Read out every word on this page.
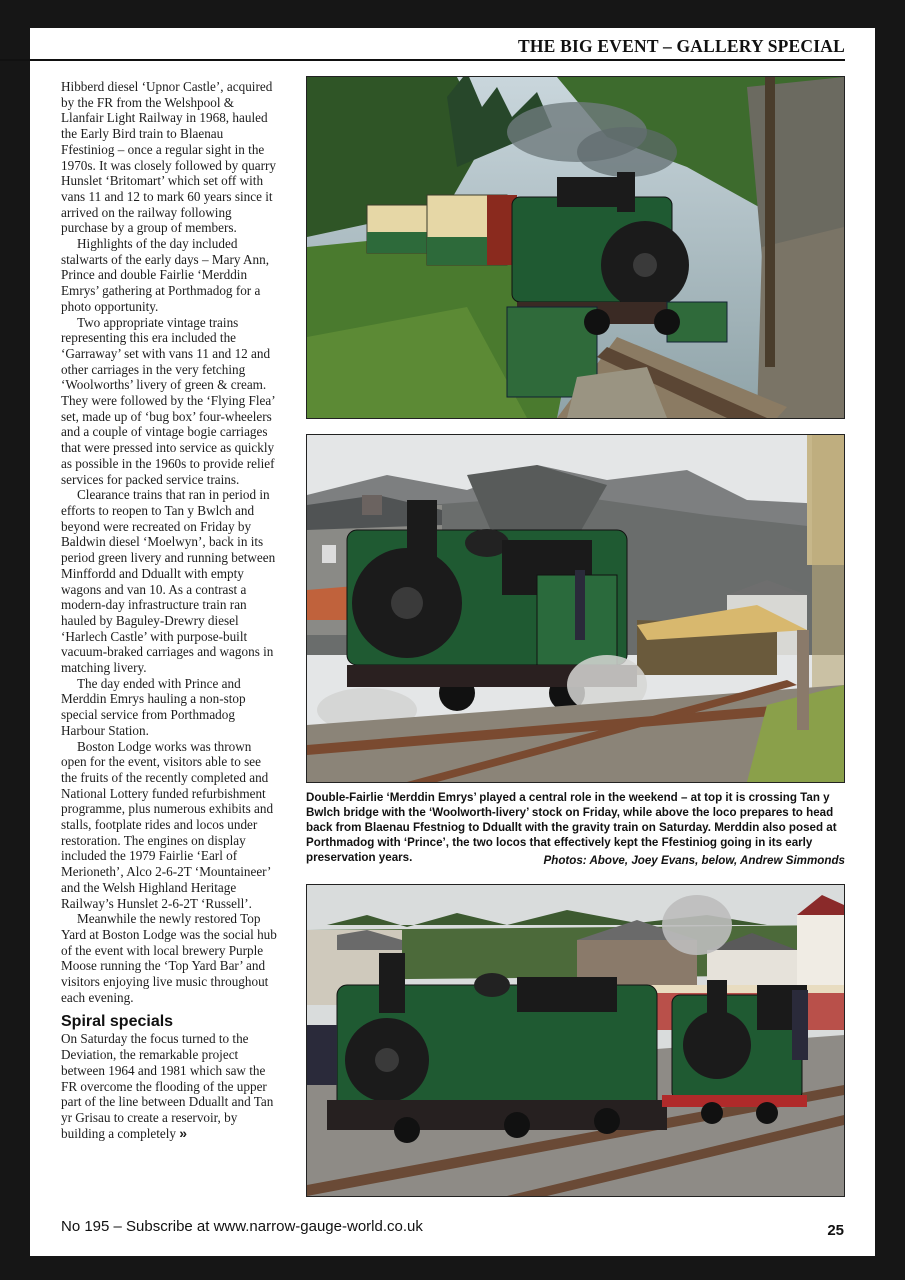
THE BIG EVENT – GALLERY SPECIAL

Hibberd diesel ‘Upnor Castle’, acquired by the FR from the Welshpool & Llanfair Light Railway in 1968, hauled the Early Bird train to Blaenau Ffestiniog – once a regular sight in the 1970s. It was closely followed by quarry Hunslet ‘Britomart’ which set off with vans 11 and 12 to mark 60 years since it arrived on the railway following purchase by a group of members.

Highlights of the day included stalwarts of the early days – Mary Ann, Prince and double Fairlie ‘Merddin Emrys’ gathering at Porthmadog for a photo opportunity.

Two appropriate vintage trains representing this era included the ‘Garraway’ set with vans 11 and 12 and other carriages in the very fetching ‘Woolworths’ livery of green & cream. They were followed by the ‘Flying Flea’ set, made up of ‘bug box’ four-wheelers and a couple of vintage bogie carriages that were pressed into service as quickly as possible in the 1960s to provide relief services for packed service trains.

Clearance trains that ran in period in efforts to reopen to Tan y Bwlch and beyond were recreated on Friday by Baldwin diesel ‘Moelwyn’, back in its period green livery and running between Minffordd and Dduallt with empty wagons and van 10. As a contrast a modern-day infrastructure train ran hauled by Baguley-Drewry diesel ‘Harlech Castle’ with purpose-built vacuum-braked carriages and wagons in matching livery.

The day ended with Prince and Merddin Emrys hauling a non-stop special service from Porthmadog Harbour Station.

Boston Lodge works was thrown open for the event, visitors able to see the fruits of the recently completed and National Lottery funded refurbishment programme, plus numerous exhibits and stalls, footplate rides and locos under restoration. The engines on display included the 1979 Fairlie ‘Earl of Merioneth’, Alco 2-6-2T ‘Mountaineer’ and the Welsh Highland Heritage Railway’s Hunslet 2-6-2T ‘Russell’.

Meanwhile the newly restored Top Yard at Boston Lodge was the social hub of the event with local brewery Purple Moose running the ‘Top Yard Bar’ and visitors enjoying live music throughout each evening.

Spiral specials

On Saturday the focus turned to the Deviation, the remarkable project between 1964 and 1981 which saw the FR overcome the flooding of the upper part of the line between Dduallt and Tan yr Grisau to create a reservoir, by building a completely »

Double-Fairlie ‘Merddin Emrys’ played a central role in the weekend – at top it is crossing Tan y Bwlch bridge with the ‘Woolworth-livery’ stock on Friday, while above the loco prepares to head back from Blaenau Ffestniog to Dduallt with the gravity train on Saturday. Merddin also posed at Porthmadog with ‘Prince’, the two locos that effectively kept the Ffestiniog going in its early preservation years.	Photos: Above, Joey Evans, below, Andrew Simmonds
No 195 – Subscribe at www.narrow-gauge-world.co.uk	25
